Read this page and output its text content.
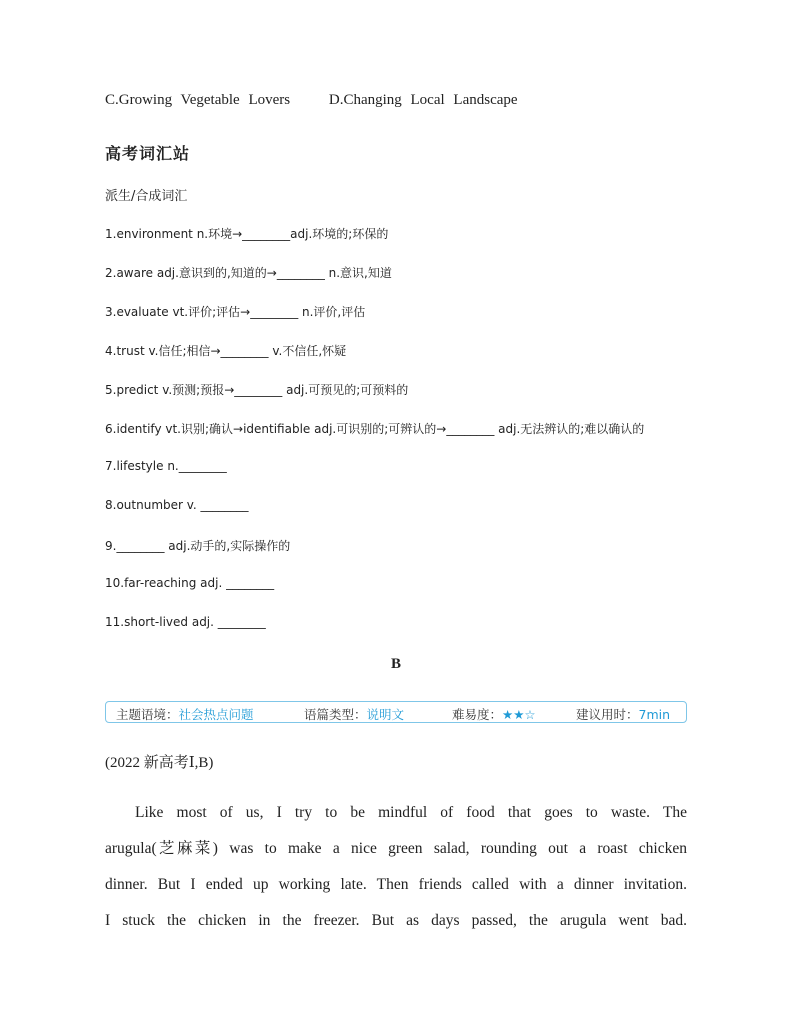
C.Growing Vegetable Lovers	D.Changing Local Landscape
高考词汇站
派生/合成词汇
1.environment n.环境→________adj.环境的;环保的
2.aware adj.意识到的,知道的→________ n.意识,知道
3.evaluate vt.评价;评估→________ n.评价,评估
4.trust v.信任;相信→________ v.不信任,怀疑
5.predict v.预测;预报→________ adj.可预见的;可预料的
6.identify vt.识别;确认→identifiable adj.可识别的;可辨认的→________ adj.无法辨认的;难以确认的
7.lifestyle n.________
8.outnumber v. ________
9.________ adj.动手的,实际操作的
10.far-reaching adj. ________
11.short-lived adj. ________
B
主题语境：社会热点问题	语篇类型：说明文	难易度：★★☆	建议用时：7min
(2022 新高考Ⅰ,B)
Like most of us, I try to be mindful of food that goes to waste. The
arugula(芝麻菜) was to make a nice green salad, rounding out a roast chicken
dinner. But I ended up working late. Then friends called with a dinner invitation.
I stuck the chicken in the freezer. But as days passed, the arugula went bad.
